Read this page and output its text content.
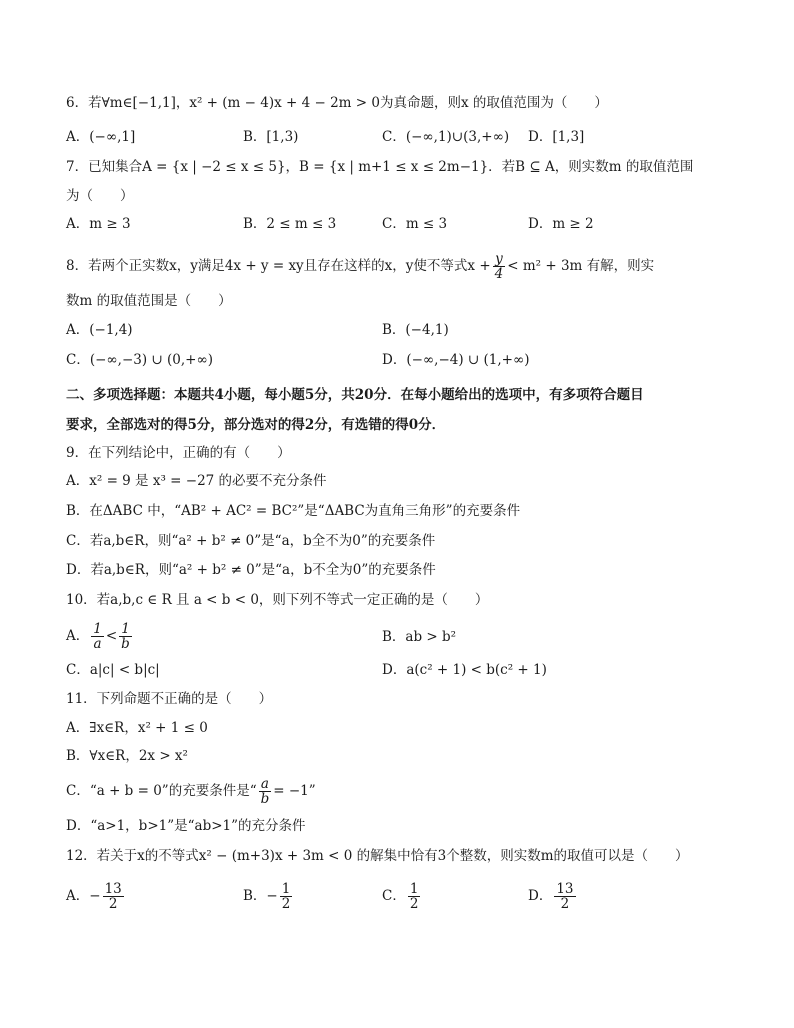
6．若∀m∈[−1,1]，x² + (m − 4)x + 4 − 2m > 0为真命题，则x 的取值范围为（　　）
A．(−∞,1]	B．[1,3)	C．(−∞,1)∪(3,+∞) D．[1,3]
7．已知集合A = {x | −2 ≤ x ≤ 5}，B = {x | m+1 ≤ x ≤ 2m−1}．若B ⊆ A，则实数m 的取值范围
为（　　）
A．m ≥ 3	B．2 ≤ m ≤ 3	C．m ≤ 3	D．m ≥ 2
8．若两个正实数x，y满足4x + y = xy且存在这样的x，y使不等式$x + \frac{y}{4} < m^2 + 3m$ 有解，则实
数m 的取值范围是（　　）
A．(−1,4)	B．(−4,1)
C．(−∞,−3) ∪ (0,+∞)	D．(−∞,−4) ∪ (1,+∞)
二、多项选择题：本题共4小题，每小题5分，共20分．在每小题给出的选项中，有多项符合题目
要求，全部选对的得5分，部分选对的得2分，有选错的得0分．
9．在下列结论中，正确的有（　　）
A．x² = 9 是 x³ = −27 的必要不充分条件
B．在ΔABC 中，“AB² + AC² = BC²”是“ΔABC为直角三角形”的充要条件
C．若a,b∈R，则“a² + b² ≠ 0”是“a，b全不为0”的充要条件
D．若a,b∈R，则“a² + b² ≠ 0”是“a，b不全为0”的充要条件
10．若a,b,c ∈ R 且 a < b < 0，则下列不等式一定正确的是（　　）
A． $\frac{1}{a} < \frac{1}{b}$	B．ab > b²
C．a|c| < b|c|	D．a(c² + 1) < b(c² + 1)
11．下列命题不正确的是（　　）
A．∃x∈R，x² + 1 ≤ 0
B．∀x∈R，2x > x²
C．“a + b = 0”的充要条件是“ $\frac{a}{b} = -1$”
D．“a>1，b>1”是“ab>1”的充分条件
12．若关于x的不等式x² − (m+3)x + 3m < 0 的解集中恰有3个整数，则实数m的取值可以是（　　）
A．− $\frac{13}{2}$	B．− $\frac{1}{2}$	C． $\frac{1}{2}$	D． $\frac{13}{2}$
